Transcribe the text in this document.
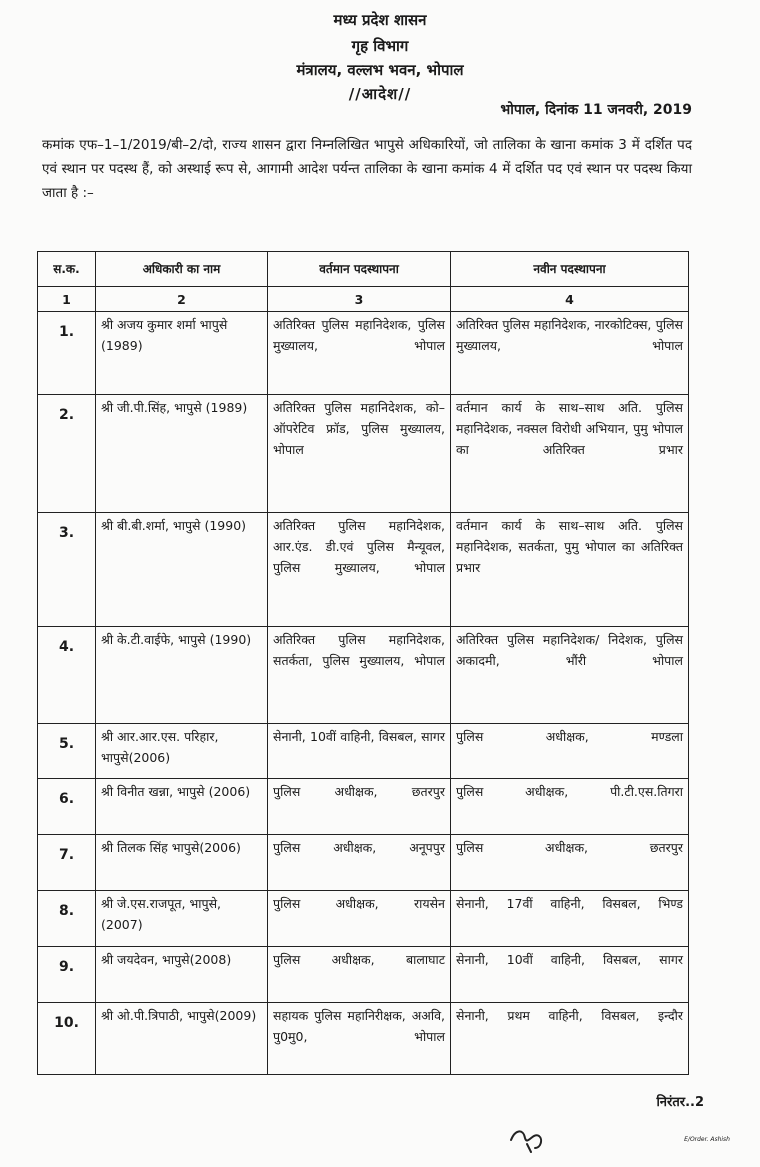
मध्य प्रदेश शासन
गृह विभाग
मंत्रालय, वल्लभ भवन, भोपाल
//आदेश//
भोपाल, दिनांक 11 जनवरी, 2019
कमांक एफ–1–1/2019/बी–2/दो, राज्य शासन द्वारा निम्नलिखित भापुसे अधिकारियों, जो तालिका के खाना कमांक 3 में दर्शित पद एवं स्थान पर पदस्थ हैं, को अस्थाई रूप से, आगामी आदेश पर्यन्त तालिका के खाना कमांक 4 में दर्शित पद एवं स्थान पर पदस्थ किया जाता है :–
स.क.	अधिकारी का नाम	वर्तमान पदस्थापना	नवीन पदस्थापना
1	2	3	4
1.	श्री अजय कुमार शर्मा भापुसे (1989)	अतिरिक्त पुलिस महानिदेशक, पुलिस मुख्यालय, भोपाल	अतिरिक्त पुलिस महानिदेशक, नारकोटिक्स, पुलिस मुख्यालय, भोपाल
2.	श्री जी.पी.सिंह, भापुसे (1989)	अतिरिक्त पुलिस महानिदेशक, को–ऑपरेटिव फ्रॉड, पुलिस मुख्यालय, भोपाल	वर्तमान कार्य के साथ–साथ अति. पुलिस महानिदेशक, नक्सल विरोधी अभियान, पुमु भोपाल का अतिरिक्त प्रभार
3.	श्री बी.बी.शर्मा, भापुसे (1990)	अतिरिक्त पुलिस महानिदेशक, आर.एंड. डी.एवं पुलिस मैन्यूवल, पुलिस मुख्यालय, भोपाल	वर्तमान कार्य के साथ–साथ अति. पुलिस महानिदेशक, सतर्कता, पुमु भोपाल का अतिरिक्त प्रभार
4.	श्री के.टी.वाईफे, भापुसे (1990)	अतिरिक्त पुलिस महानिदेशक, सतर्कता, पुलिस मुख्यालय, भोपाल	अतिरिक्त पुलिस महानिदेशक/ निदेशक, पुलिस अकादमी, भौंरी भोपाल
5.	श्री आर.आर.एस. परिहार, भापुसे(2006)	सेनानी, 10वीं वाहिनी, विसबल, सागर	पुलिस अधीक्षक, मण्डला
6.	श्री विनीत खन्ना, भापुसे (2006)	पुलिस अधीक्षक, छतरपुर	पुलिस अधीक्षक, पी.टी.एस.तिगरा
7.	श्री तिलक सिंह भापुसे(2006)	पुलिस अधीक्षक, अनूपपुर	पुलिस अधीक्षक, छतरपुर
8.	श्री जे.एस.राजपूत, भापुसे, (2007)	पुलिस अधीक्षक, रायसेन	सेनानी, 17वीं वाहिनी, विसबल, भिण्ड
9.	श्री जयदेवन, भापुसे(2008)	पुलिस अधीक्षक, बालाघाट	सेनानी, 10वीं वाहिनी, विसबल, सागर
10.	श्री ओ.पी.त्रिपाठी, भापुसे(2009)	सहायक पुलिस महानिरीक्षक, अअवि, पु0मु0, भोपाल	सेनानी, प्रथम वाहिनी, विसबल, इन्दौर
निरंतर..2
E/Order. Ashish
